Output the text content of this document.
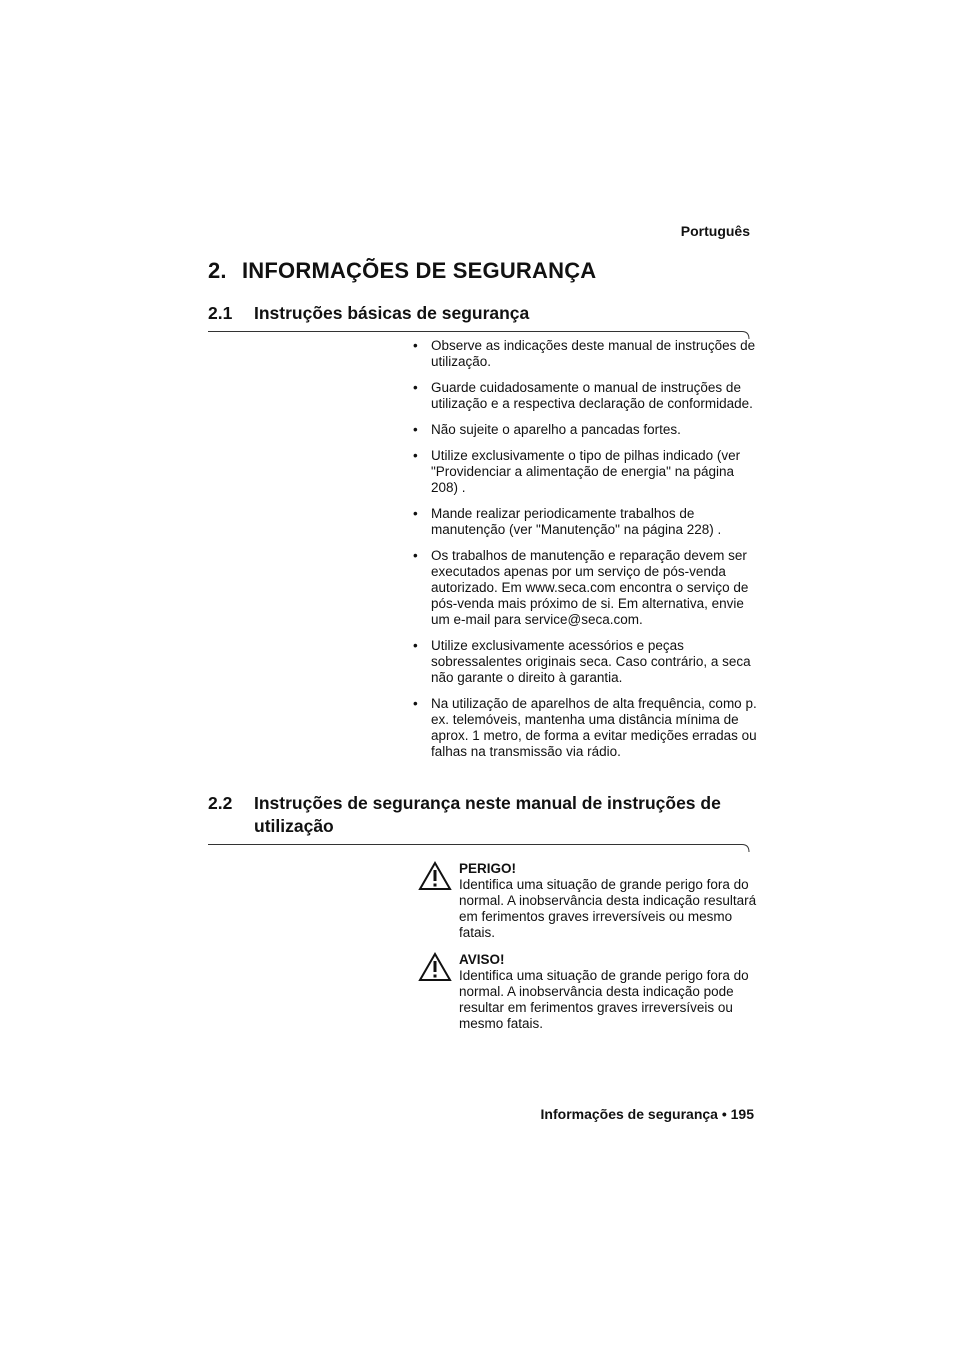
Português
2. INFORMAÇÕES DE SEGURANÇA
2.1 Instruções básicas de segurança
• Observe as indicações deste manual de instruções de utilização.
• Guarde cuidadosamente o manual de instruções de utilização e a respectiva declaração de conformidade.
• Não sujeite o aparelho a pancadas fortes.
• Utilize exclusivamente o tipo de pilhas indicado (ver "Providenciar a alimentação de energia" na página 208) .
• Mande realizar periodicamente trabalhos de manutenção (ver "Manutenção" na página 228) .
• Os trabalhos de manutenção e reparação devem ser executados apenas por um serviço de pós-venda autorizado. Em www.seca.com encontra o serviço de pós-venda mais próximo de si. Em alternativa, envie um e-mail para service@seca.com.
• Utilize exclusivamente acessórios e peças sobressalentes originais seca. Caso contrário, a seca não garante o direito à garantia.
• Na utilização de aparelhos de alta frequência, como p. ex. telemóveis, mantenha uma distância mínima de aprox. 1 metro, de forma a evitar medições erradas ou falhas na transmissão via rádio.
2.2 Instruções de segurança neste manual de instruções de utilização
PERIGO!
Identifica uma situação de grande perigo fora do normal. A inobservância desta indicação resultará em ferimentos graves irreversíveis ou mesmo fatais.
AVISO!
Identifica uma situação de grande perigo fora do normal. A inobservância desta indicação pode resultar em ferimentos graves irreversíveis ou mesmo fatais.
Informações de segurança • 195
